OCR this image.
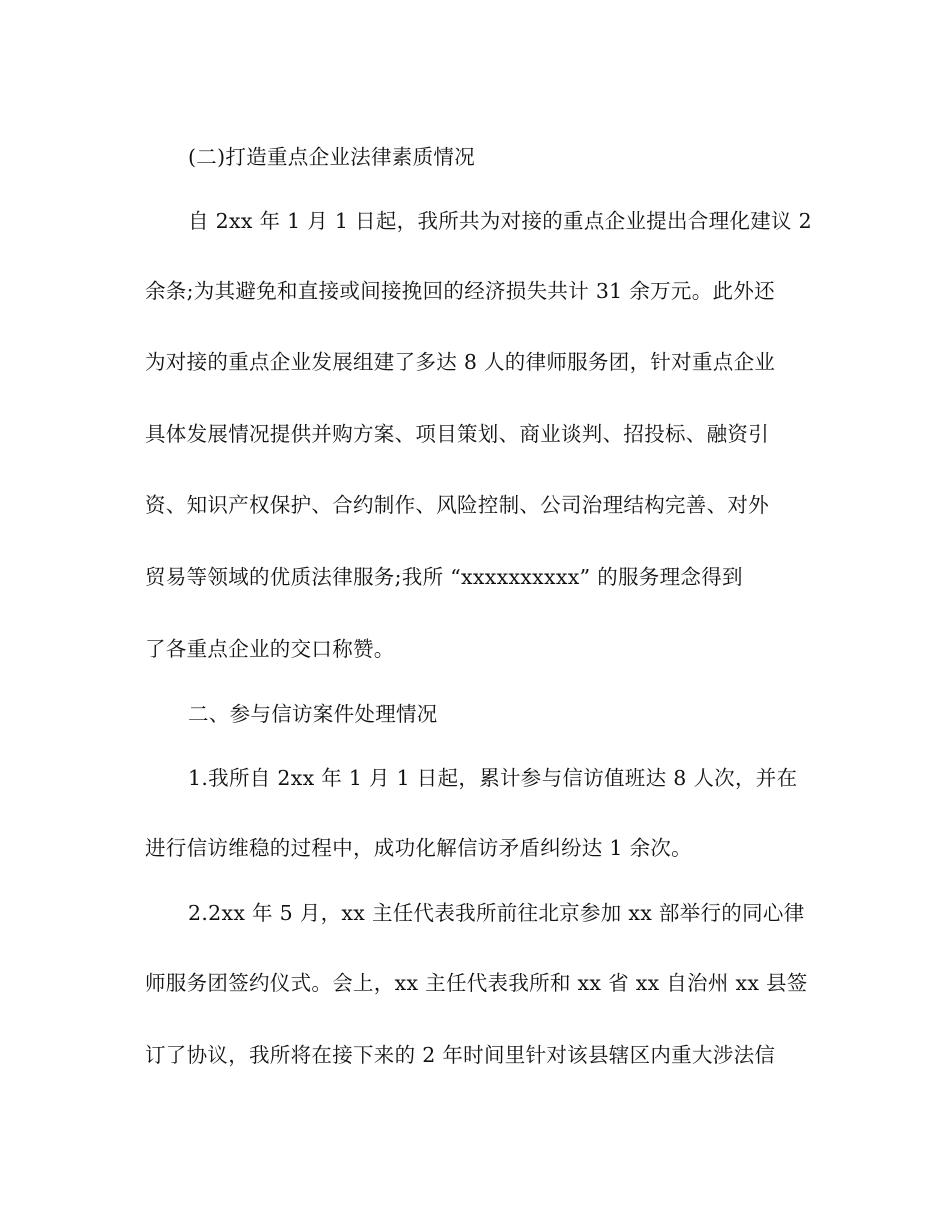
(二)打造重点企业法律素质情况
自 2xx 年 1 月 1 日起，我所共为对接的重点企业提出合理化建议 2
余条;为其避免和直接或间接挽回的经济损失共计 31 余万元。此外还
为对接的重点企业发展组建了多达 8 人的律师服务团，针对重点企业
具体发展情况提供并购方案、项目策划、商业谈判、招投标、融资引
资、知识产权保护、合约制作、风险控制、公司治理结构完善、对外
贸易等领域的优质法律服务;我所 “xxxxxxxxxx” 的服务理念得到
了各重点企业的交口称赞。
二、参与信访案件处理情况
1.我所自 2xx 年 1 月 1 日起，累计参与信访值班达 8 人次，并在
进行信访维稳的过程中，成功化解信访矛盾纠纷达 1 余次。
2.2xx 年 5 月，xx 主任代表我所前往北京参加 xx 部举行的同心律
师服务团签约仪式。会上，xx 主任代表我所和 xx 省 xx 自治州 xx 县签
订了协议，我所将在接下来的 2 年时间里针对该县辖区内重大涉法信
